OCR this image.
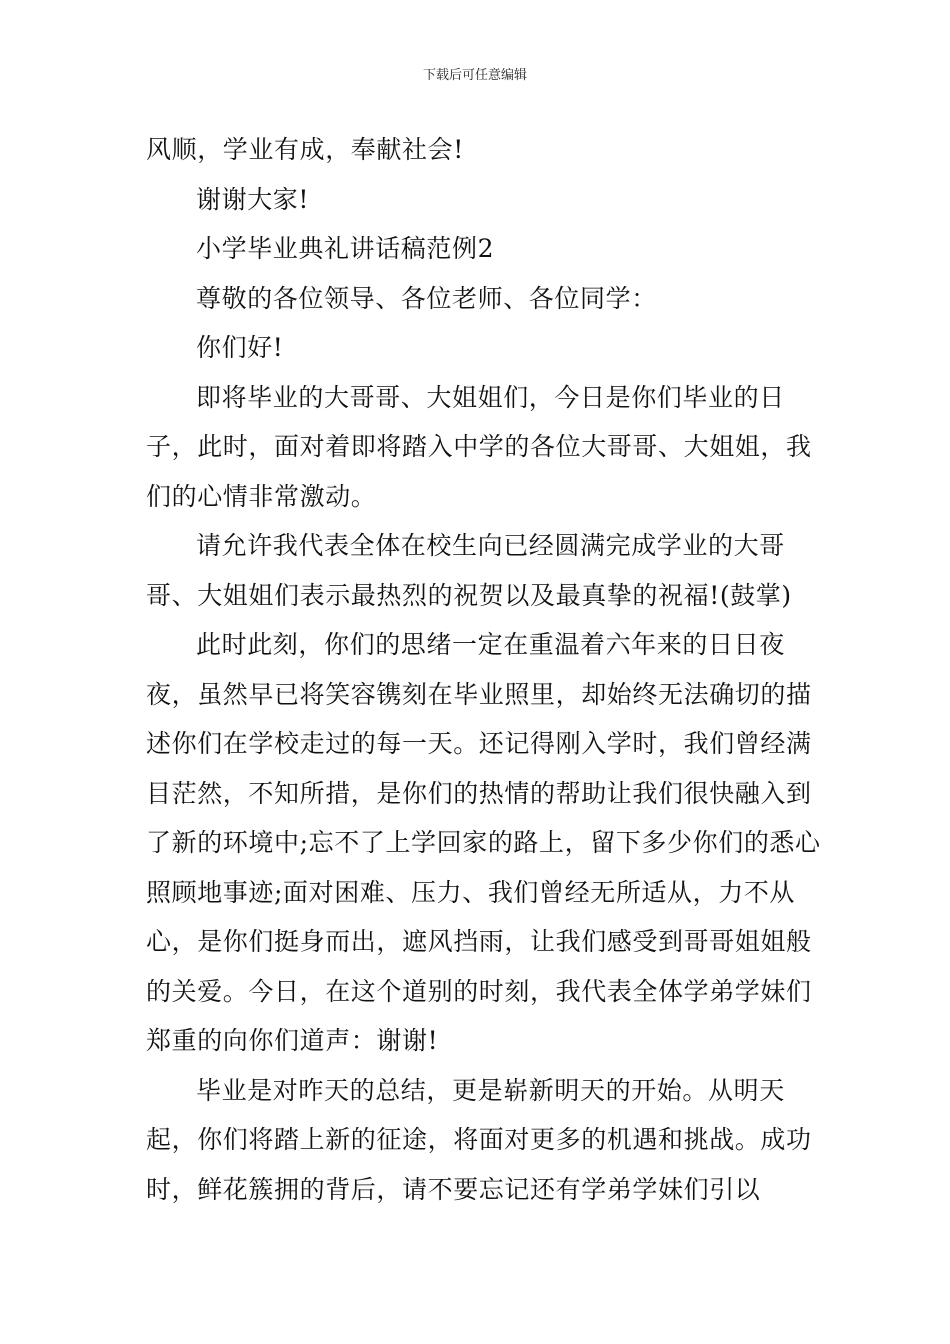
下载后可任意编辑

风顺，学业有成，奉献社会!

谢谢大家!

小学毕业典礼讲话稿范例2

尊敬的各位领导、各位老师、各位同学：

你们好!

即将毕业的大哥哥、大姐姐们，今日是你们毕业的日子，此时，面对着即将踏入中学的各位大哥哥、大姐姐，我们的心情非常激动。

请允许我代表全体在校生向已经圆满完成学业的大哥哥、大姐姐们表示最热烈的祝贺以及最真挚的祝福!(鼓掌)

此时此刻，你们的思绪一定在重温着六年来的日日夜夜，虽然早已将笑容镌刻在毕业照里，却始终无法确切的描述你们在学校走过的每一天。还记得刚入学时，我们曾经满目茫然，不知所措，是你们的热情的帮助让我们很快融入到了新的环境中;忘不了上学回家的路上，留下多少你们的悉心照顾地事迹;面对困难、压力、我们曾经无所适从，力不从心，是你们挺身而出，遮风挡雨，让我们感受到哥哥姐姐般的关爱。今日，在这个道别的时刻，我代表全体学弟学妹们郑重的向你们道声：谢谢!

毕业是对昨天的总结，更是崭新明天的开始。从明天起，你们将踏上新的征途，将面对更多的机遇和挑战。成功时，鲜花簇拥的背后，请不要忘记还有学弟学妹们引以
